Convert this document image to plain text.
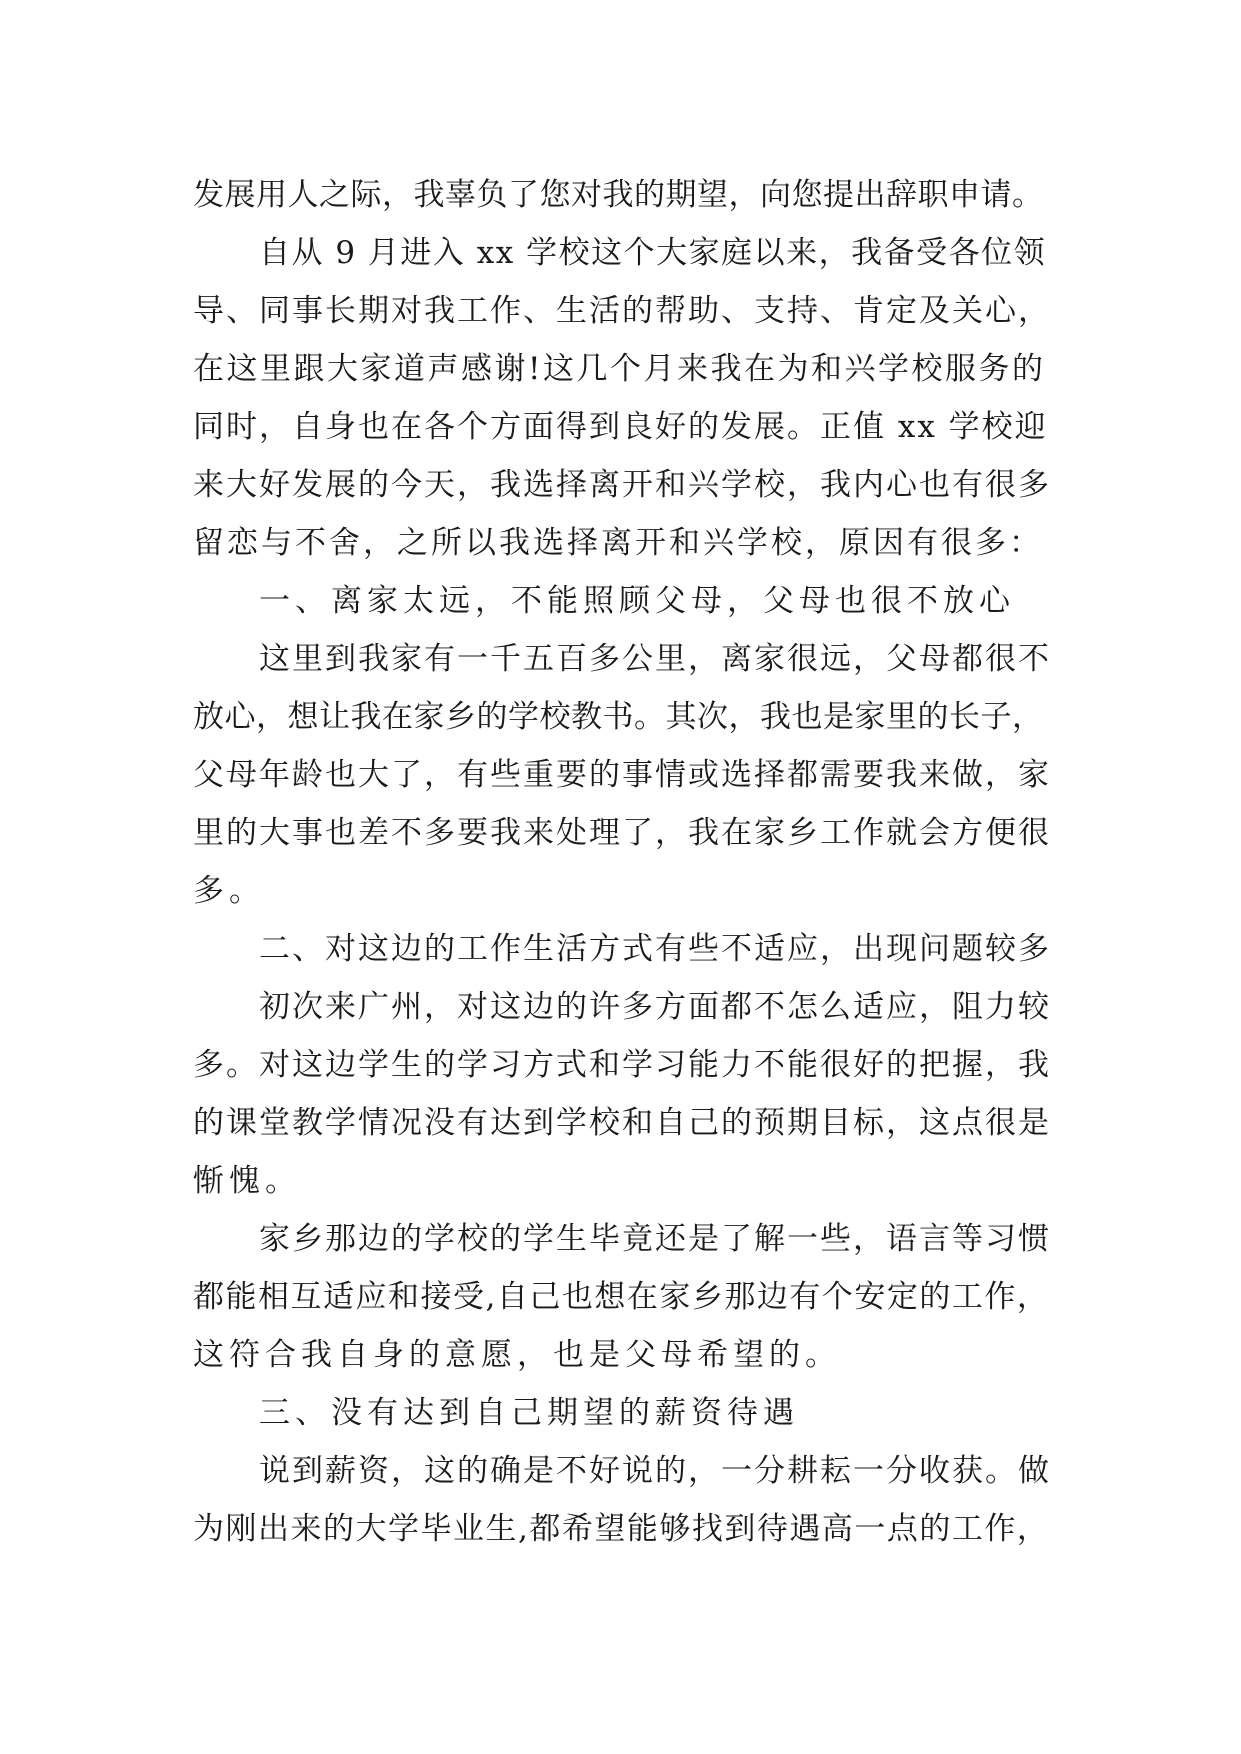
发展用人之际，我辜负了您对我的期望，向您提出辞职申请。
自从 9 月进入 xx 学校这个大家庭以来，我备受各位领
导、同事长期对我工作、生活的帮助、支持、肯定及关心，
在这里跟大家道声感谢!这几个月来我在为和兴学校服务的
同时，自身也在各个方面得到良好的发展。正值 xx 学校迎
来大好发展的今天，我选择离开和兴学校，我内心也有很多
留恋与不舍，之所以我选择离开和兴学校，原因有很多：
一、离家太远，不能照顾父母，父母也很不放心
这里到我家有一千五百多公里，离家很远，父母都很不
放心，想让我在家乡的学校教书。其次，我也是家里的长子，
父母年龄也大了，有些重要的事情或选择都需要我来做，家
里的大事也差不多要我来处理了，我在家乡工作就会方便很
多。
二、对这边的工作生活方式有些不适应，出现问题较多
初次来广州，对这边的许多方面都不怎么适应，阻力较
多。对这边学生的学习方式和学习能力不能很好的把握，我
的课堂教学情况没有达到学校和自己的预期目标，这点很是
惭愧。
家乡那边的学校的学生毕竟还是了解一些，语言等习惯
都能相互适应和接受,自己也想在家乡那边有个安定的工作，
这符合我自身的意愿，也是父母希望的。
三、没有达到自己期望的薪资待遇
说到薪资，这的确是不好说的，一分耕耘一分收获。做
为刚出来的大学毕业生,都希望能够找到待遇高一点的工作，
